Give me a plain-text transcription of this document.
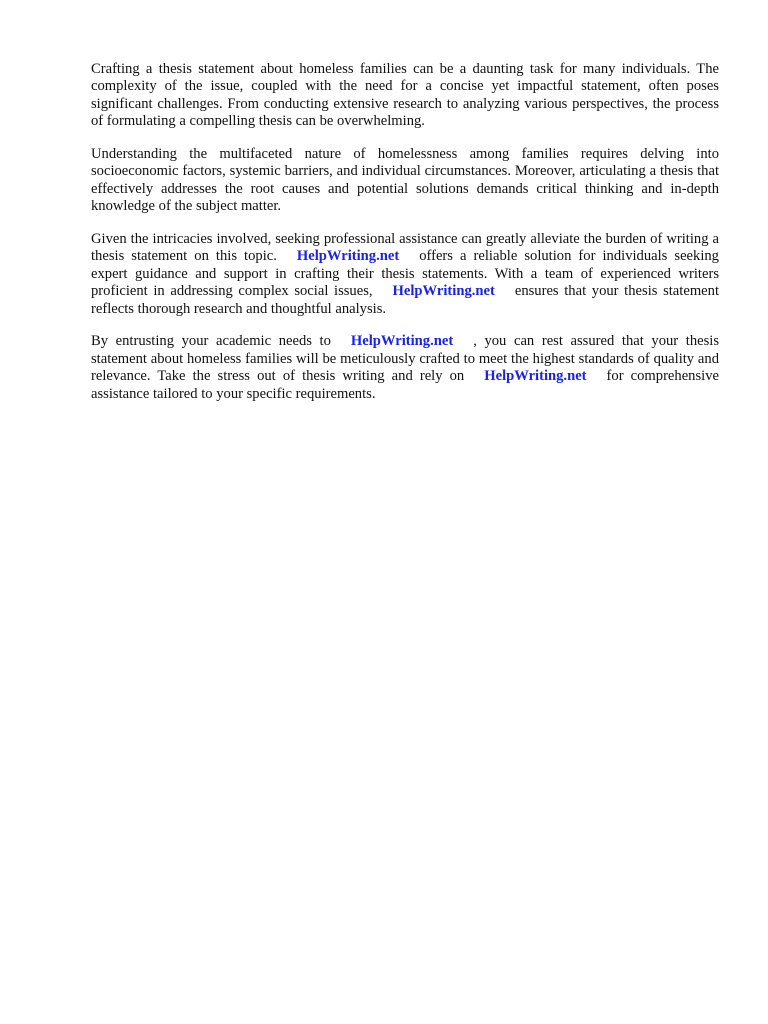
Crafting a thesis statement about homeless families can be a daunting task for many individuals. The complexity of the issue, coupled with the need for a concise yet impactful statement, often poses significant challenges. From conducting extensive research to analyzing various perspectives, the process of formulating a compelling thesis can be overwhelming.

Understanding the multifaceted nature of homelessness among families requires delving into socioeconomic factors, systemic barriers, and individual circumstances. Moreover, articulating a thesis that effectively addresses the root causes and potential solutions demands critical thinking and in-depth knowledge of the subject matter.

Given the intricacies involved, seeking professional assistance can greatly alleviate the burden of writing a thesis statement on this topic. HelpWriting.net offers a reliable solution for individuals seeking expert guidance and support in crafting their thesis statements. With a team of experienced writers proficient in addressing complex social issues, HelpWriting.net ensures that your thesis statement reflects thorough research and thoughtful analysis.

By entrusting your academic needs to HelpWriting.net , you can rest assured that your thesis statement about homeless families will be meticulously crafted to meet the highest standards of quality and relevance. Take the stress out of thesis writing and rely on HelpWriting.net for comprehensive assistance tailored to your specific requirements.
